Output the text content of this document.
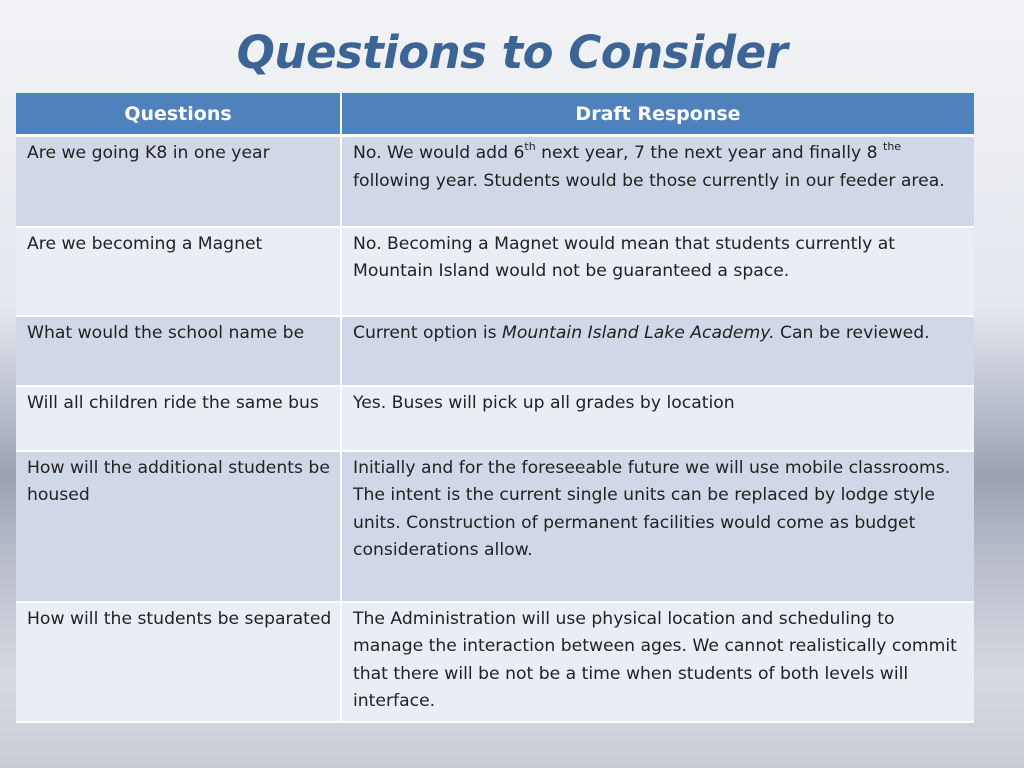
Questions to Consider
Questions	Draft Response
Are we going K8 in one year	No. We would add 6th next year, 7 the next year and finally 8 $^{the}$ following year. Students would be those currently in our feeder area.
Are we becoming a Magnet	No. Becoming a Magnet would mean that students currently at Mountain Island would not be guaranteed a space.
What would the school name be	Current option is Mountain Island Lake Academy. Can be reviewed.
Will all children ride the same bus	Yes. Buses will pick up all grades by location
How will the additional students be housed	Initially and for the foreseeable future we will use mobile classrooms. The intent is the current single units can be replaced by lodge style units. Construction of permanent facilities would come as budget considerations allow.
How will the students be separated	The Administration will use physical location and scheduling to manage the interaction between ages. We cannot realistically commit that there will be not be a time when students of both levels will interface.
